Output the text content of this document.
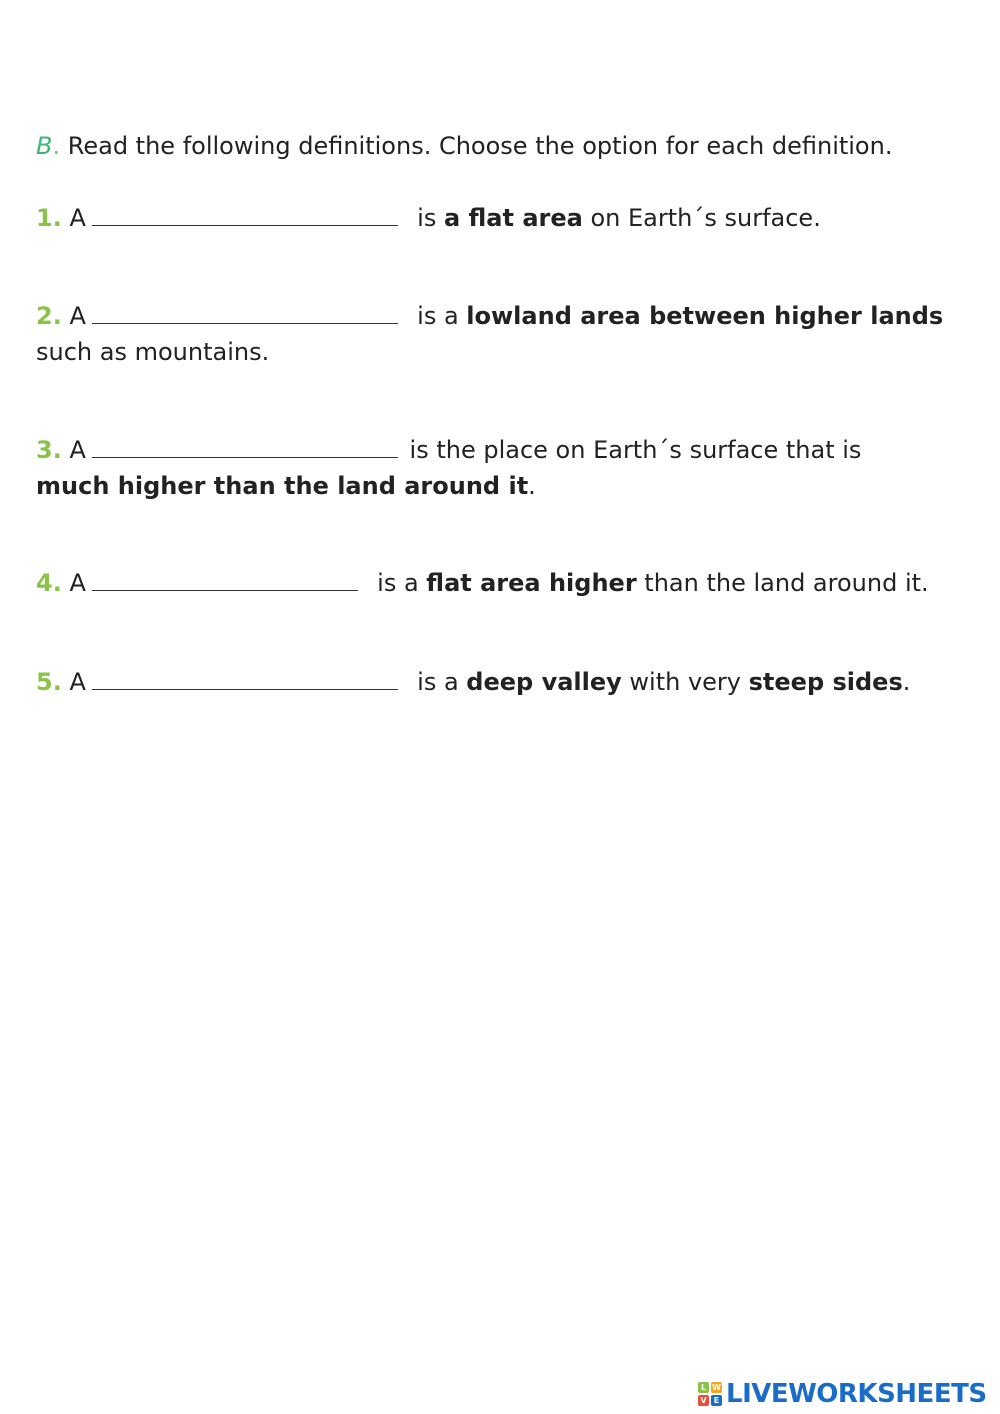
B. Read the following definitions. Choose the option for each definition.
1. A	is a flat area on Earth´s surface.
2. A	is a lowland area between higher lands
such as mountains.
3. A	is the place on Earth´s surface that is
much higher than the land around it.
4. A	is a flat area higher than the land around it.
5. A	is a deep valley with very steep sides.
L W
V E LIVEWORKSHEETS
